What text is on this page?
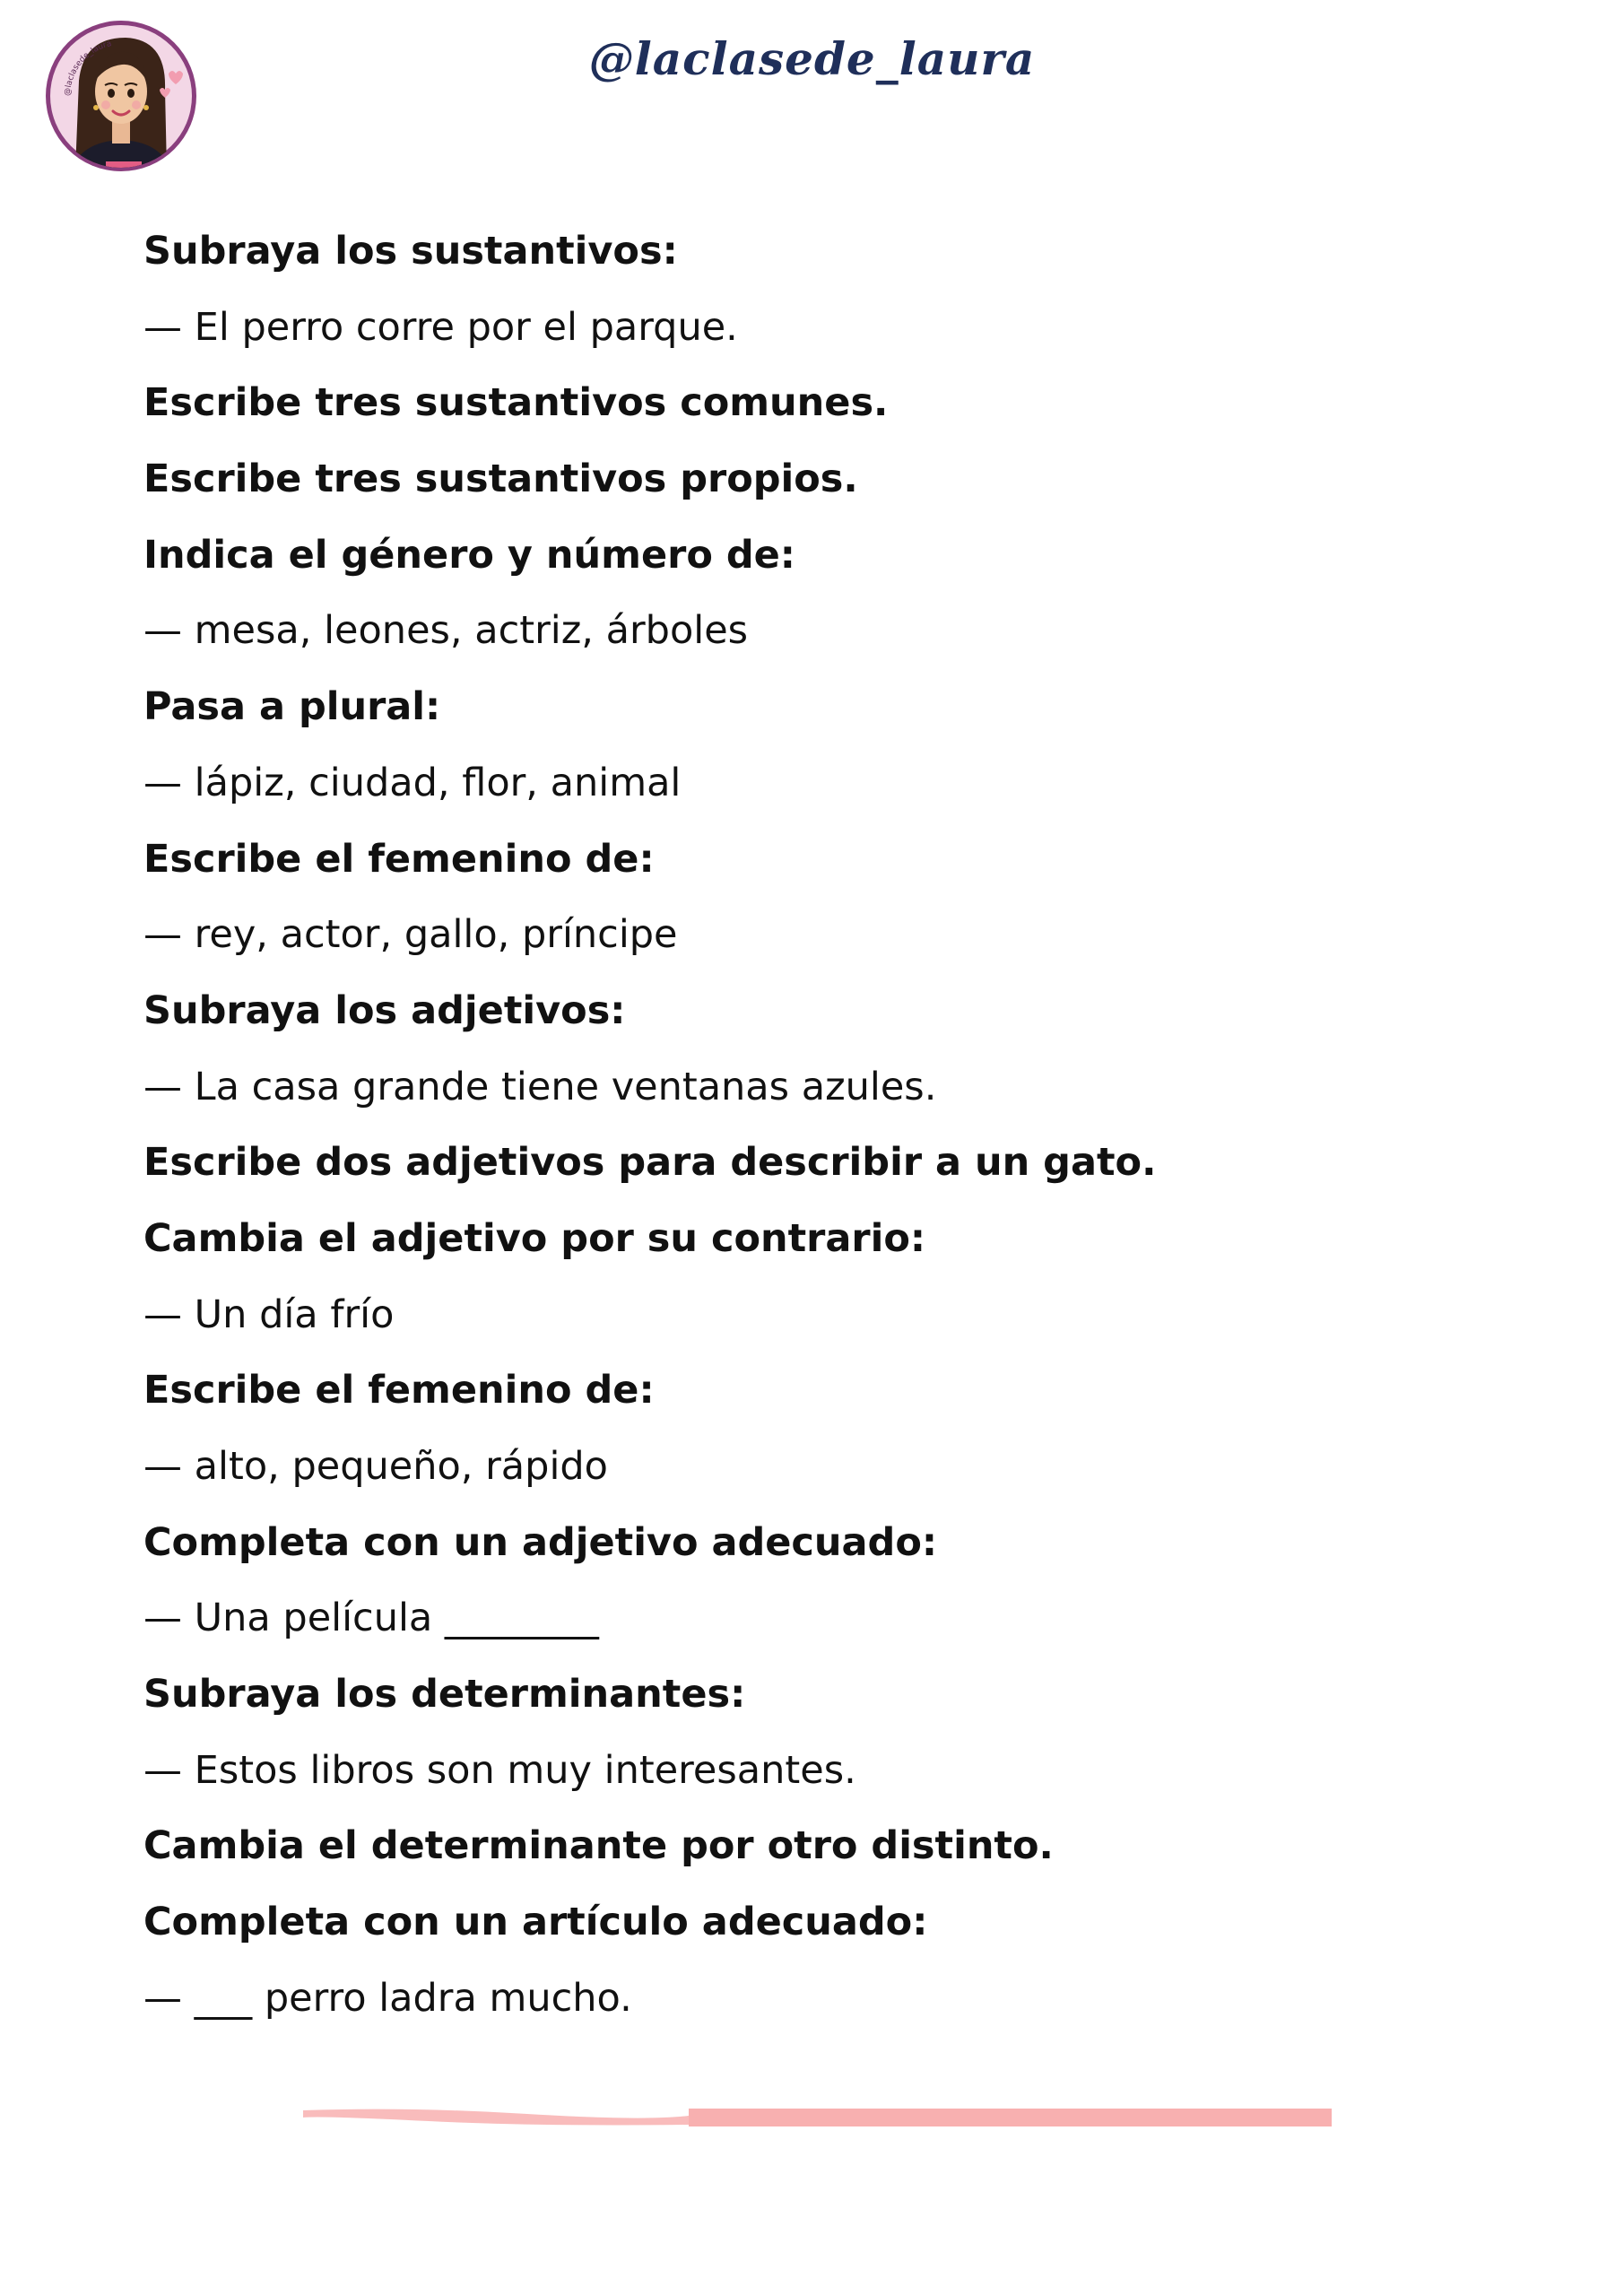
@laclasede_laura	@laclasede_laura
Subraya los sustantivos:
— El perro corre por el parque.
Escribe tres sustantivos comunes.
Escribe tres sustantivos propios.
Indica el género y número de:
— mesa, leones, actriz, árboles
Pasa a plural:
— lápiz, ciudad, flor, animal
Escribe el femenino de:
— rey, actor, gallo, príncipe
Subraya los adjetivos:
— La casa grande tiene ventanas azules.
Escribe dos adjetivos para describir a un gato.
Cambia el adjetivo por su contrario:
— Un día frío
Escribe el femenino de:
— alto, pequeño, rápido
Completa con un adjetivo adecuado:
— Una película ________
Subraya los determinantes:
— Estos libros son muy interesantes.
Cambia el determinante por otro distinto.
Completa con un artículo adecuado:
— ___ perro ladra mucho.
